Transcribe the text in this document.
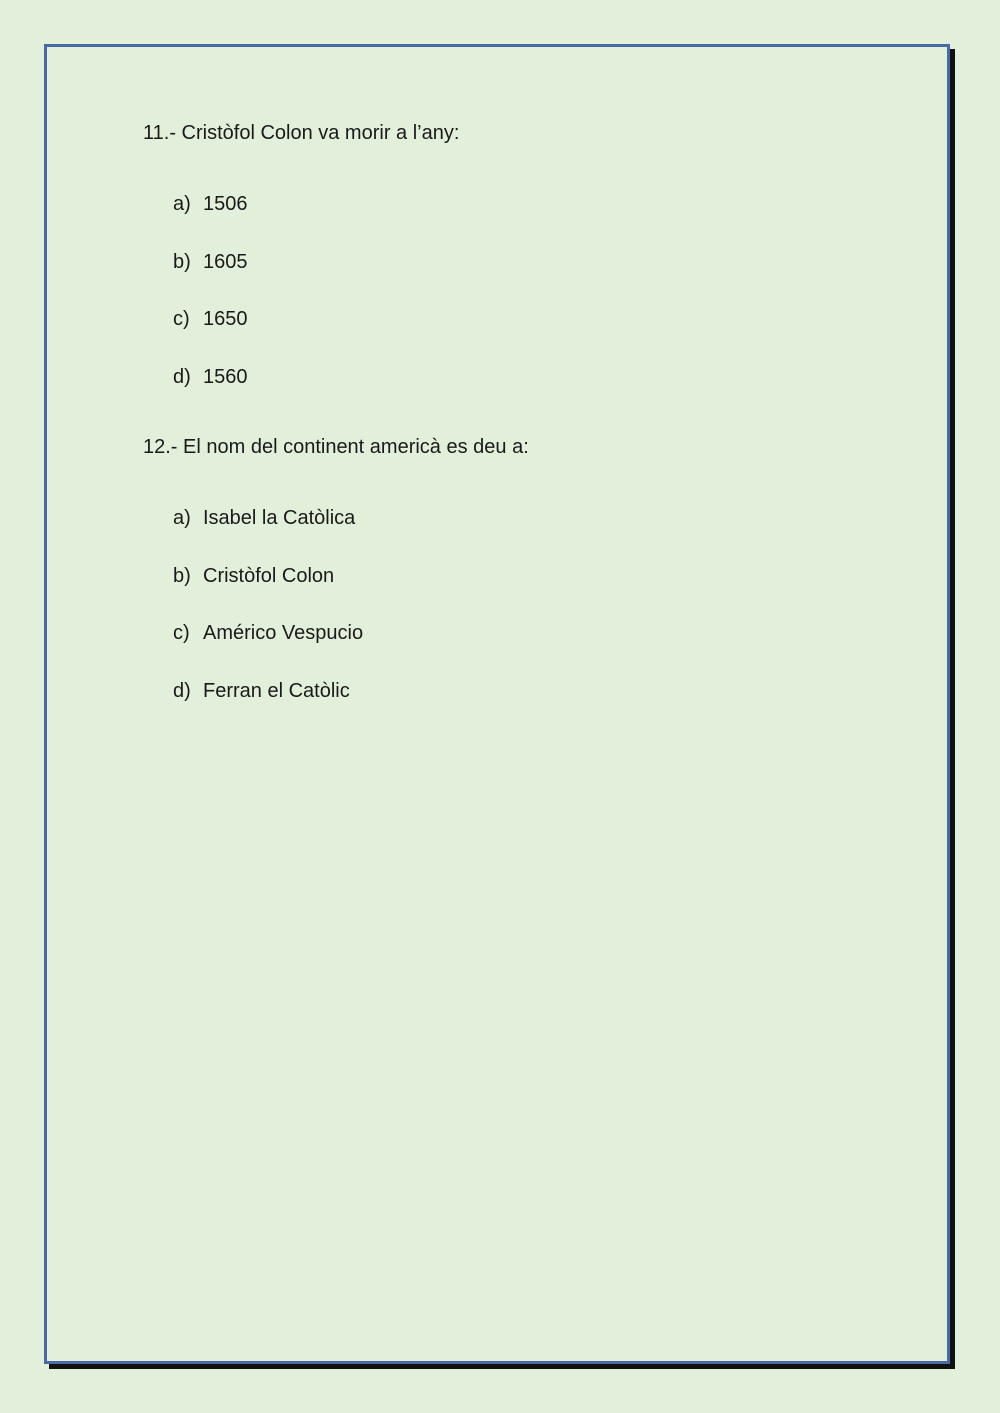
11.- Cristòfol Colon va morir a l’any:

a) 1506
b) 1605
c) 1650
d) 1560

12.- El nom del continent americà es deu a:

a) Isabel la Catòlica
b) Cristòfol Colon
c) Américo Vespucio
d) Ferran el Catòlic
